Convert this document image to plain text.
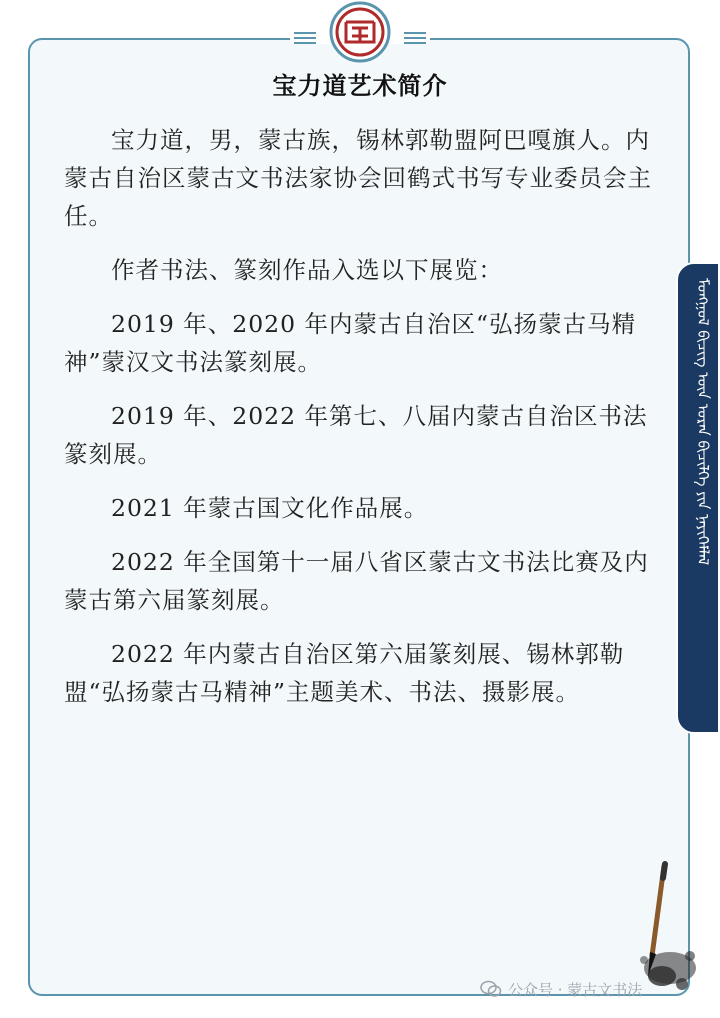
宝力道艺术简介

宝力道，男，蒙古族，锡林郭勒盟阿巴嘎旗人。内蒙古自治区蒙古文书法家协会回鹤式书写专业委员会主任。

作者书法、篆刻作品入选以下展览：

2019 年、2020 年内蒙古自治区“弘扬蒙古马精神”蒙汉文书法篆刻展。

2019 年、2022 年第七、八届内蒙古自治区书法篆刻展。

2021 年蒙古国文化作品展。

2022 年全国第十一届八省区蒙古文书法比赛及内蒙古第六届篆刻展。

2022 年内蒙古自治区第六届篆刻展、锡林郭勒盟“弘扬蒙古马精神”主题美术、书法、摄影展。

ᠮᠣᠩᠭᠣᠯ ᠪᠢᠴᠢᠭ ᠦᠨ ᠤᠷᠠᠨ ᠪᠢᠴᠢᠯᠭᠡ ᠶᠢᠨ ᠨᠡᠶᠢᠭᠡᠮᠯᠡᠯ
公众号 · 蒙古文书法
